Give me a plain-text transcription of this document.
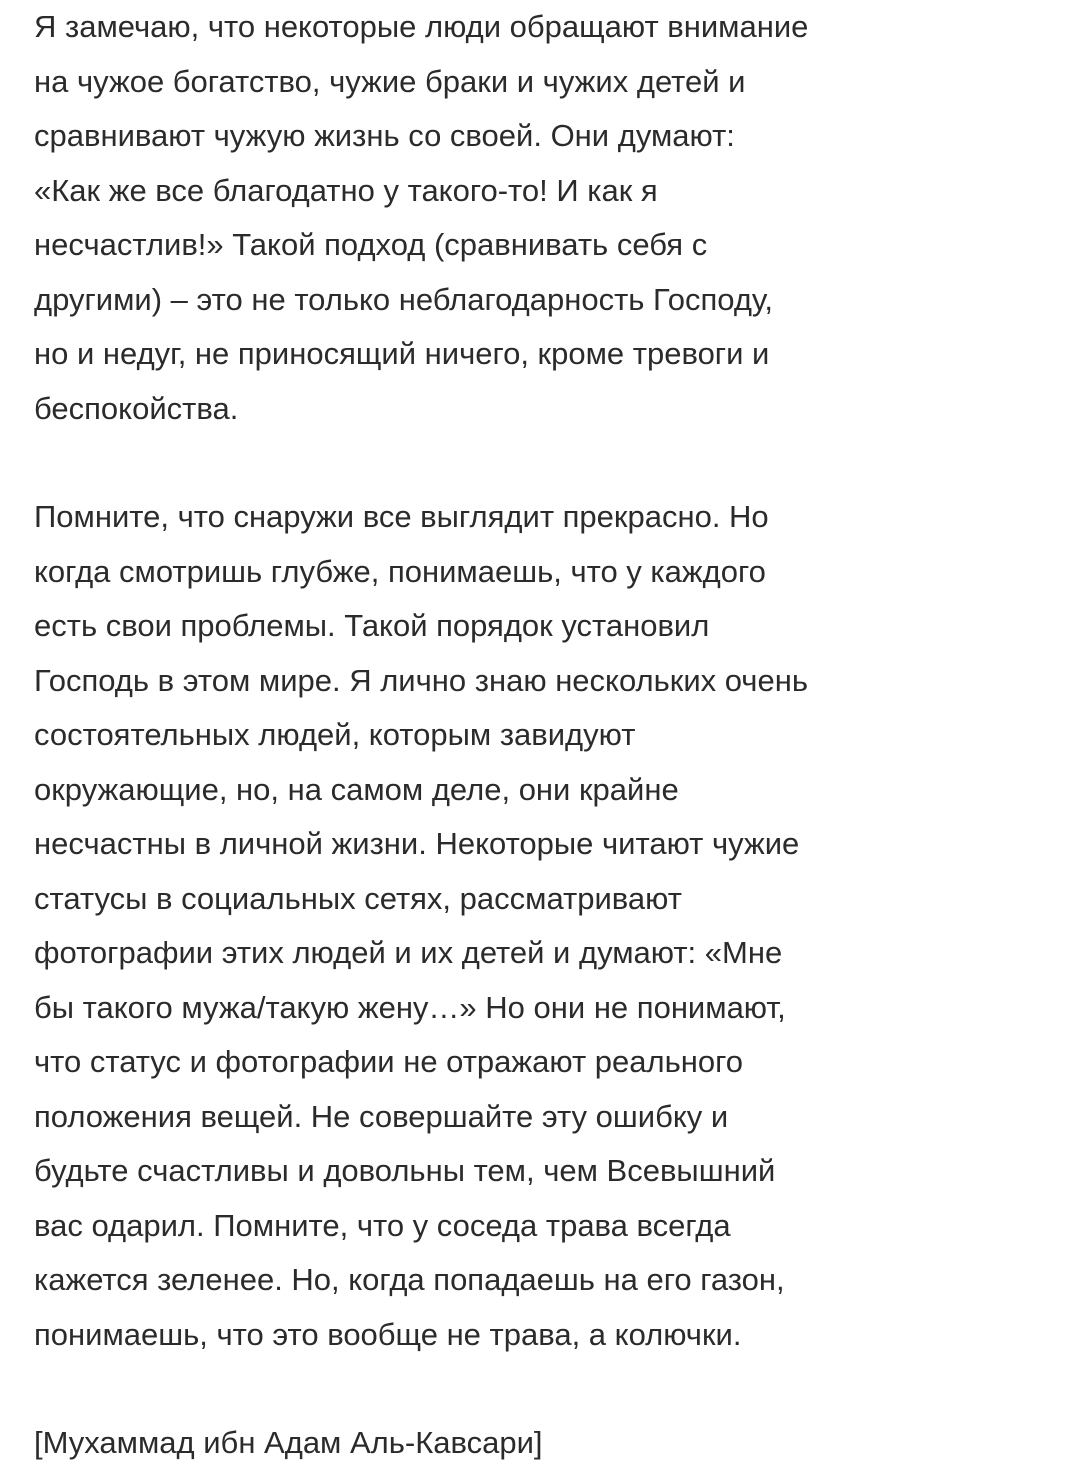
Я замечаю, что некоторые люди обращают внимание
на чужое богатство, чужие браки и чужих детей и
сравнивают чужую жизнь со своей. Они думают:
«Как же все благодатно у такого-то! И как я
несчастлив!» Такой подход (сравнивать себя с
другими) – это не только неблагодарность Господу,
но и недуг, не приносящий ничего, кроме тревоги и
беспокойства.
Помните, что снаружи все выглядит прекрасно. Но
когда смотришь глубже, понимаешь, что у каждого
есть свои проблемы. Такой порядок установил
Господь в этом мире. Я лично знаю нескольких очень
состоятельных людей, которым завидуют
окружающие, но, на самом деле, они крайне
несчастны в личной жизни. Некоторые читают чужие
статусы в социальных сетях, рассматривают
фотографии этих людей и их детей и думают: «Мне
бы такого мужа/такую жену…» Но они не понимают,
что статус и фотографии не отражают реального
положения вещей. Не совершайте эту ошибку и
будьте счастливы и довольны тем, чем Всевышний
вас одарил. Помните, что у соседа трава всегда
кажется зеленее. Но, когда попадаешь на его газон,
понимаешь, что это вообще не трава, а колючки.
[Мухаммад ибн Адам Аль-Кавсари]
